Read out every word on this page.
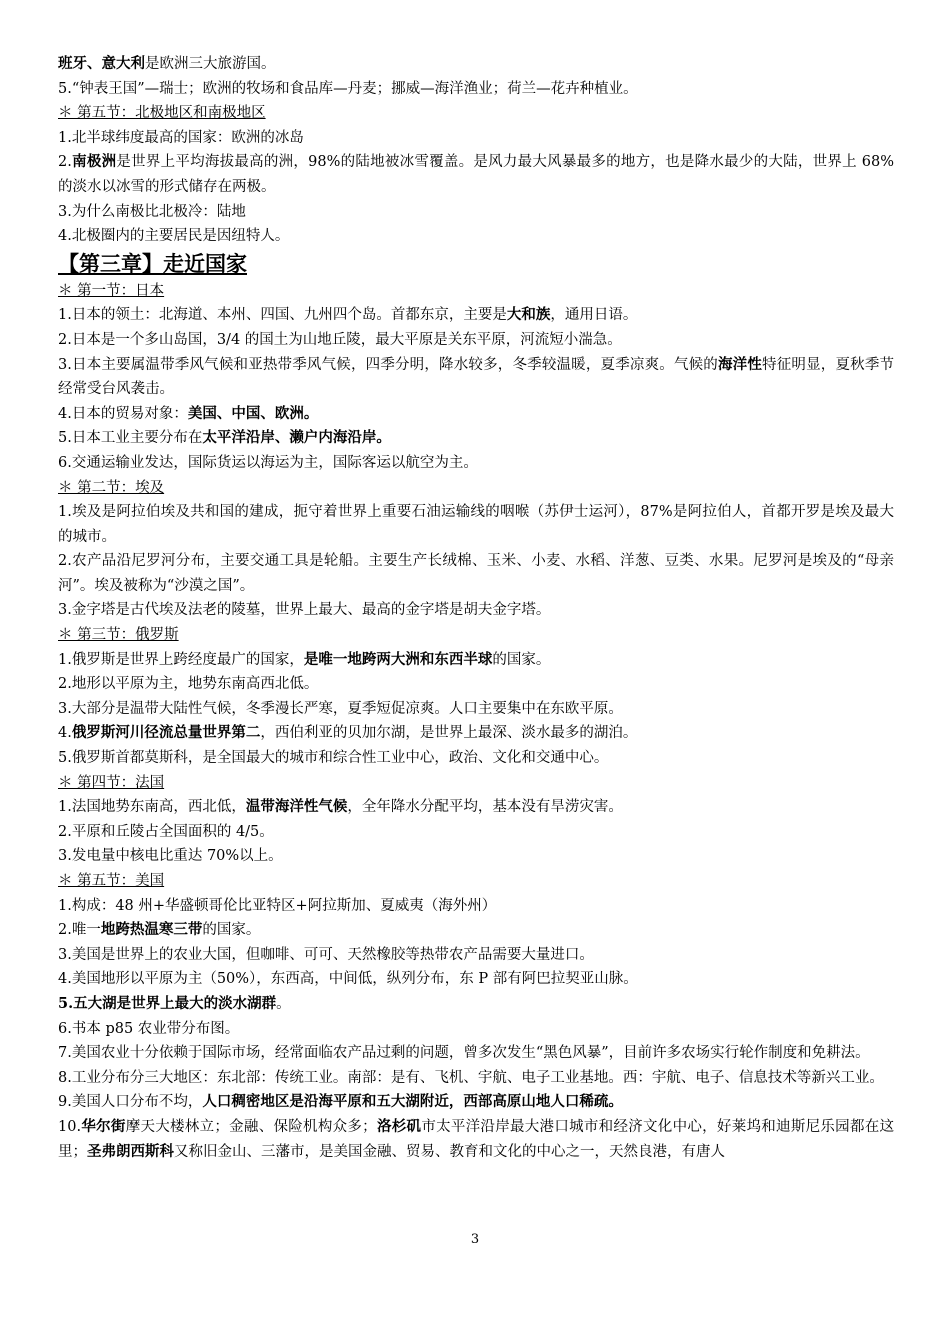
班牙、意大利是欧洲三大旅游国。
5.“钟表王国”—瑞士；欧洲的牧场和食品库—丹麦；挪威—海洋渔业；荷兰—花卉种植业。
＊ 第五节：北极地区和南极地区
1.北半球纬度最高的国家：欧洲的冰岛
2.南极洲是世界上平均海拔最高的洲，98%的陆地被冰雪覆盖。是风力最大风暴最多的地方，也是降水最少的大陆，世界上 68%的淡水以冰雪的形式储存在两极。
3.为什么南极比北极冷：陆地
4.北极圈内的主要居民是因纽特人。
【第三章】走近国家
＊ 第一节：日本
1.日本的领土：北海道、本州、四国、九州四个岛。首都东京，主要是大和族，通用日语。
2.日本是一个多山岛国，3/4 的国土为山地丘陵，最大平原是关东平原，河流短小湍急。
3.日本主要属温带季风气候和亚热带季风气候，四季分明，降水较多，冬季较温暖，夏季凉爽。气候的海洋性特征明显，夏秋季节经常受台风袭击。
4.日本的贸易对象：美国、中国、欧洲。
5.日本工业主要分布在太平洋沿岸、濑户内海沿岸。
6.交通运输业发达，国际货运以海运为主，国际客运以航空为主。
＊ 第二节：埃及
1.埃及是阿拉伯埃及共和国的建成，扼守着世界上重要石油运输线的咽喉（苏伊士运河），87%是阿拉伯人，首都开罗是埃及最大的城市。
2.农产品沿尼罗河分布，主要交通工具是轮船。主要生产长绒棉、玉米、小麦、水稻、洋葱、豆类、水果。尼罗河是埃及的“母亲河”。埃及被称为“沙漠之国”。
3.金字塔是古代埃及法老的陵墓，世界上最大、最高的金字塔是胡夫金字塔。
＊ 第三节：俄罗斯
1.俄罗斯是世界上跨经度最广的国家，是唯一地跨两大洲和东西半球的国家。
2.地形以平原为主，地势东南高西北低。
3.大部分是温带大陆性气候，冬季漫长严寒，夏季短促凉爽。人口主要集中在东欧平原。
4.俄罗斯河川径流总量世界第二，西伯利亚的贝加尔湖，是世界上最深、淡水最多的湖泊。
5.俄罗斯首都莫斯科，是全国最大的城市和综合性工业中心，政治、文化和交通中心。
＊ 第四节：法国
1.法国地势东南高，西北低，温带海洋性气候，全年降水分配平均，基本没有旱涝灾害。
2.平原和丘陵占全国面积的 4/5。
3.发电量中核电比重达 70%以上。
＊ 第五节：美国
1.构成：48 州+华盛顿哥伦比亚特区+阿拉斯加、夏威夷（海外州）
2.唯一地跨热温寒三带的国家。
3.美国是世界上的农业大国，但咖啡、可可、天然橡胶等热带农产品需要大量进口。
4.美国地形以平原为主（50%），东西高，中间低，纵列分布，东 P 部有阿巴拉契亚山脉。
5.五大湖是世界上最大的淡水湖群。
6.书本 p85 农业带分布图。
7.美国农业十分依赖于国际市场，经常面临农产品过剩的问题，曾多次发生“黑色风暴”，目前许多农场实行轮作制度和免耕法。
8.工业分布分三大地区：东北部：传统工业。南部：是有、飞机、宇航、电子工业基地。西：宇航、电子、信息技术等新兴工业。
9.美国人口分布不均，人口稠密地区是沿海平原和五大湖附近，西部高原山地人口稀疏。
10.华尔街摩天大楼林立；金融、保险机构众多；洛杉矶市太平洋沿岸最大港口城市和经济文化中心，好莱坞和迪斯尼乐园都在这里；圣弗朗西斯科又称旧金山、三藩市，是美国金融、贸易、教育和文化的中心之一，天然良港，有唐人
3
